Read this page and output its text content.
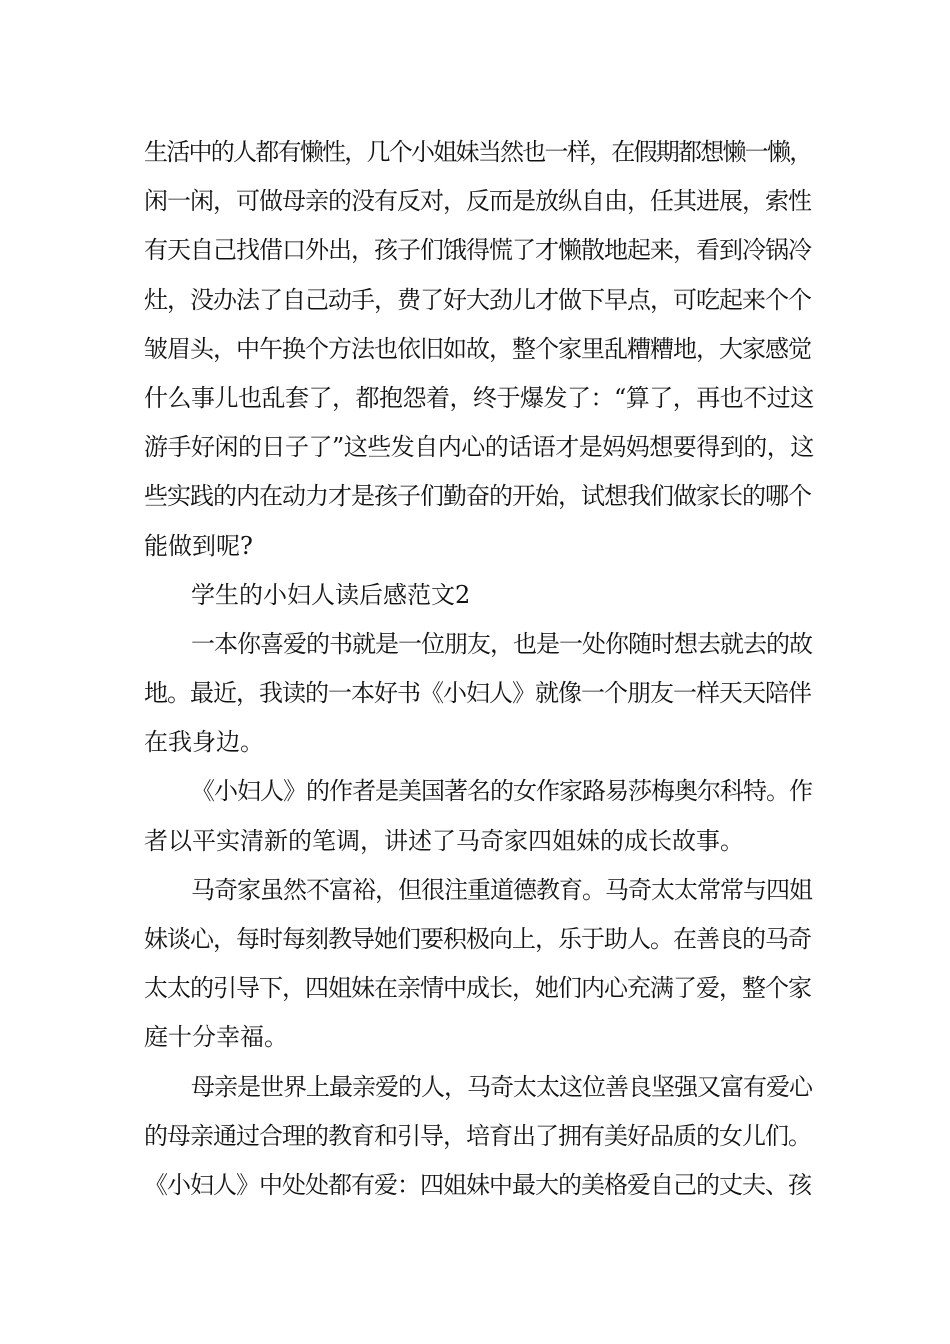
生活中的人都有懒性，几个小姐妹当然也一样，在假期都想懒一懒，
闲一闲，可做母亲的没有反对，反而是放纵自由，任其进展，索性
有天自己找借口外出，孩子们饿得慌了才懒散地起来，看到冷锅冷
灶，没办法了自己动手，费了好大劲儿才做下早点，可吃起来个个
皱眉头，中午换个方法也依旧如故，整个家里乱糟糟地，大家感觉
什么事儿也乱套了，都抱怨着，终于爆发了：“算了，再也不过这
游手好闲的日子了”这些发自内心的话语才是妈妈想要得到的，这
些实践的内在动力才是孩子们勤奋的开始，试想我们做家长的哪个
能做到呢?
学生的小妇人读后感范文2
一本你喜爱的书就是一位朋友，也是一处你随时想去就去的故
地。最近，我读的一本好书《小妇人》就像一个朋友一样天天陪伴
在我身边。
《小妇人》的作者是美国著名的女作家路易莎梅奥尔科特。作
者以平实清新的笔调，讲述了马奇家四姐妹的成长故事。
马奇家虽然不富裕，但很注重道德教育。马奇太太常常与四姐
妹谈心，每时每刻教导她们要积极向上，乐于助人。在善良的马奇
太太的引导下，四姐妹在亲情中成长，她们内心充满了爱，整个家
庭十分幸福。
母亲是世界上最亲爱的人，马奇太太这位善良坚强又富有爱心
的母亲通过合理的教育和引导，培育出了拥有美好品质的女儿们。
《小妇人》中处处都有爱：四姐妹中最大的美格爱自己的丈夫、孩
